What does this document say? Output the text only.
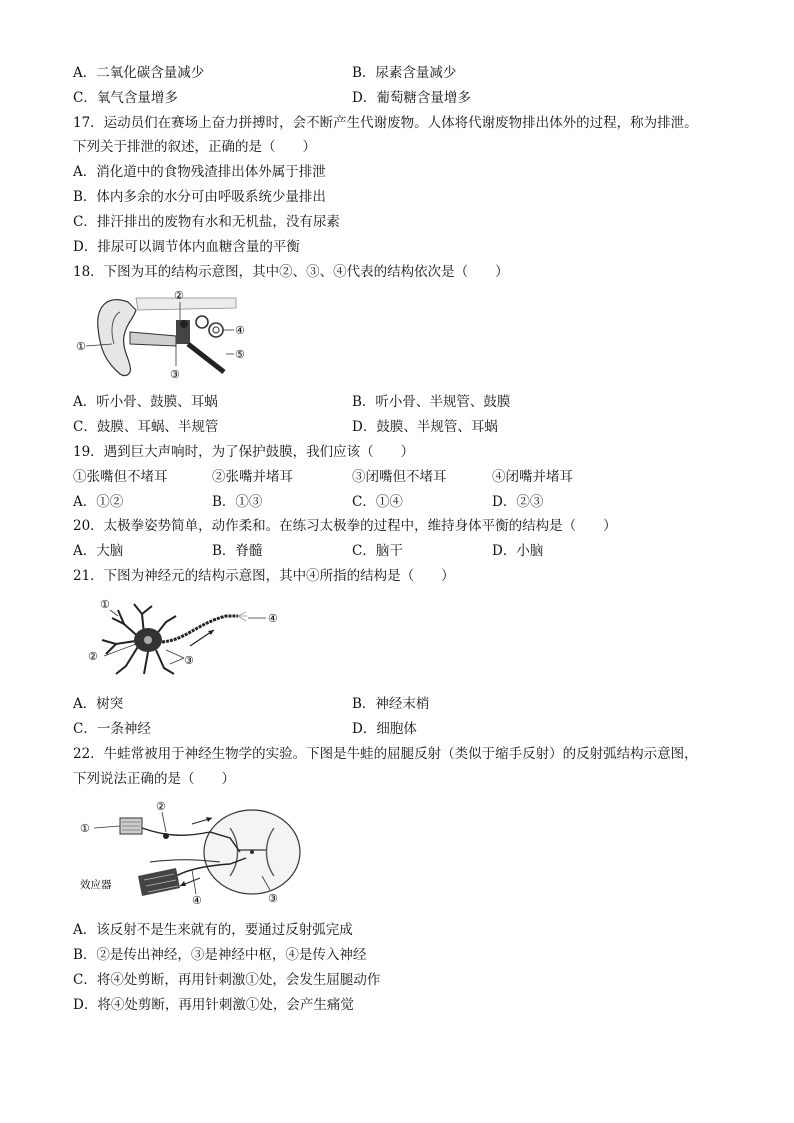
A．二氧化碳含量减少	B．尿素含量减少
C．氧气含量增多	D．葡萄糖含量增多
17．运动员们在赛场上奋力拼搏时，会不断产生代谢废物。人体将代谢废物排出体外的过程，称为排泄。
下列关于排泄的叙述，正确的是（　　）
A．消化道中的食物残渣排出体外属于排泄
B．体内多余的水分可由呼吸系统少量排出
C．排汗排出的废物有水和无机盐，没有尿素
D．排尿可以调节体内血糖含量的平衡
18．下图为耳的结构示意图，其中②、③、④代表的结构依次是（　　）
①
②
③
④
⑤
A．听小骨、鼓膜、耳蜗	B．听小骨、半规管、鼓膜
C．鼓膜、耳蜗、半规管	D．鼓膜、半规管、耳蜗
19．遇到巨大声响时，为了保护鼓膜，我们应该（　　）
①张嘴但不堵耳	②张嘴并堵耳	③闭嘴但不堵耳	④闭嘴并堵耳
A．①②	B．①③	C．①④	D．②③
20．太极拳姿势简单，动作柔和。在练习太极拳的过程中，维持身体平衡的结构是（　　）
A．大脑	B．脊髓	C．脑干	D．小脑
21．下图为神经元的结构示意图，其中④所指的结构是（　　）
①
②	③
④
A．树突	B．神经末梢
C．一条神经	D．细胞体
22．牛蛙常被用于神经生物学的实验。下图是牛蛙的屈腿反射（类似于缩手反射）的反射弧结构示意图，
下列说法正确的是（　　）
①
②
③
④
效应器
A．该反射不是生来就有的，要通过反射弧完成
B．②是传出神经，③是神经中枢，④是传入神经
C．将④处剪断，再用针刺激①处，会发生屈腿动作
D．将④处剪断，再用针刺激①处，会产生痛觉
